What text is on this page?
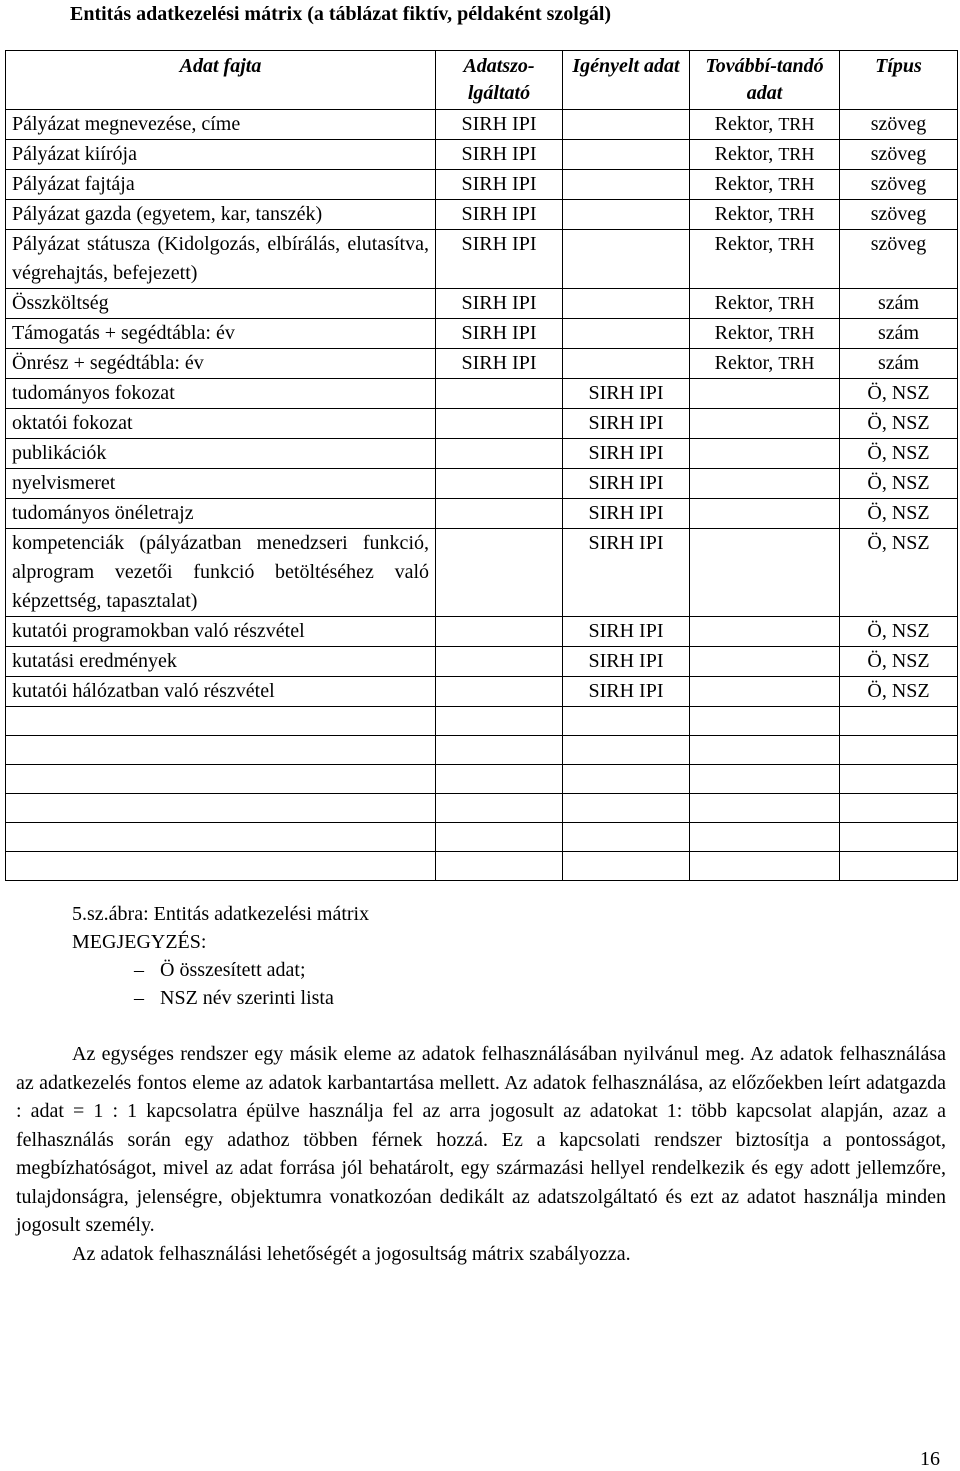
Entitás adatkezelési mátrix (a táblázat fiktív, példaként szolgál)
Adat fajta	Adatszo-lgáltató	Igényelt adat	Továbbí-tandó adat	Típus
Pályázat megnevezése, címe	SIRH IPI		Rektor, TRH	szöveg
Pályázat kiírója	SIRH IPI		Rektor, TRH	szöveg
Pályázat fajtája	SIRH IPI		Rektor, TRH	szöveg
Pályázat gazda (egyetem, kar, tanszék)	SIRH IPI		Rektor, TRH	szöveg
Pályázat státusza (Kidolgozás, elbírálás, elutasítva, végrehajtás, befejezett)	SIRH IPI		Rektor, TRH	szöveg
Összköltség	SIRH IPI		Rektor, TRH	szám
Támogatás + segédtábla: év	SIRH IPI		Rektor, TRH	szám
Önrész + segédtábla: év	SIRH IPI		Rektor, TRH	szám
tudományos fokozat		SIRH IPI		Ö, NSZ
oktatói fokozat		SIRH IPI		Ö, NSZ
publikációk		SIRH IPI		Ö, NSZ
nyelvismeret		SIRH IPI		Ö, NSZ
tudományos önéletrajz		SIRH IPI		Ö, NSZ
kompetenciák (pályázatban menedzseri funkció, alprogram vezetői funkció betöltéséhez való képzettség, tapasztalat)		SIRH IPI		Ö, NSZ
kutatói programokban való részvétel		SIRH IPI		Ö, NSZ
kutatási eredmények		SIRH IPI		Ö, NSZ
kutatói hálózatban való részvétel		SIRH IPI		Ö, NSZ

5.sz.ábra: Entitás adatkezelési mátrix
MEGJEGYZÉS:
– Ö összesített adat;
– NSZ név szerinti lista

Az egységes rendszer egy másik eleme az adatok felhasználásában nyilvánul meg. Az adatok felhasználása az adatkezelés fontos eleme az adatok karbantartása mellett. Az adatok felhasználása, az előzőekben leírt adatgazda : adat = 1 : 1 kapcsolatra épülve használja fel az arra jogosult az adatokat 1: több kapcsolat alapján, azaz a felhasználás során egy adathoz többen férnek hozzá. Ez a kapcsolati rendszer biztosítja a pontosságot, megbízhatóságot, mivel az adat forrása jól behatárolt, egy származási hellyel rendelkezik és egy adott jellemzőre, tulajdonságra, jelenségre, objektumra vonatkozóan dedikált az adatszolgáltató és ezt az adatot használja minden jogosult személy.

Az adatok felhasználási lehetőségét a jogosultság mátrix szabályozza.

16
